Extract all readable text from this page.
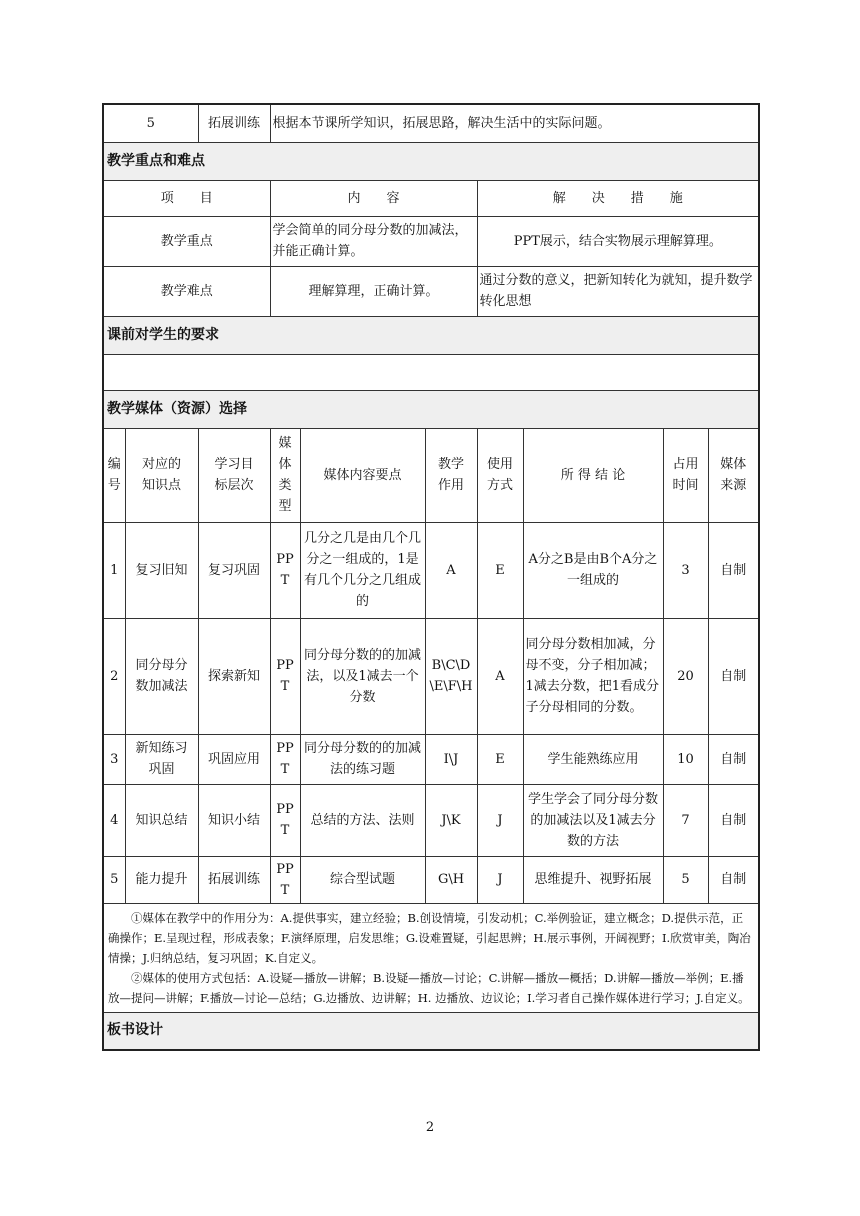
5		拓展训练	根据本节课所学知识，拓展思路，解决生活中的实际问题。						
教学重点和难点									
项　　目			内　　容			解　　决　　措　　施			
教学重点			学会简单的同分母分数的加减法，并能正确计算。			PPT展示，结合实物展示理解算理。			
教学难点			理解算理，正确计算。			通过分数的意义，把新知转化为就知，提升数学转化思想			
课前对学生的要求									

教学媒体（资源）选择									
编号	对应的知识点	学习目标层次	媒体类型	媒体内容要点	教学作用	使用方式	所 得 结 论	占用时间	媒体来源
1	复习旧知	复习巩固	PPT	几分之几是由几个几分之一组成的，1是有几个几分之几组成的	A	E	A分之B是由B个A分之一组成的	3	自制
2	同分母分数加减法	探索新知	PPT	同分母分数的的加减法，以及1减去一个分数	B\C\D\E\F\H	A	同分母分数相加减，分母不变，分子相加减；1减去分数，把1看成分子分母相同的分数。	20	自制
3	新知练习巩固	巩固应用	PPT	同分母分数的的加减法的练习题	I\J	E	学生能熟练应用	10	自制
4	知识总结	知识小结	PPT	总结的方法、法则	J\K	J	学生学会了同分母分数的加减法以及1减去分数的方法	7	自制
5	能力提升	拓展训练	PPT	综合型试题	G\H	J	思维提升、视野拓展	5	自制

①媒体在教学中的作用分为：A.提供事实，建立经验；B.创设情境，引发动机；C.举例验证，建立概念；D.提供示范，正确操作；E.呈现过程，形成表象；F.演绎原理，启发思维；G.设难置疑，引起思辨；H.展示事例，开阔视野；I.欣赏审美，陶冶情操；J.归纳总结，复习巩固；K.自定义。

②媒体的使用方式包括：A.设疑—播放—讲解；B.设疑—播放—讨论；C.讲解—播放—概括；D.讲解—播放—举例；E.播放—提问—讲解；F.播放—讨论—总结；G.边播放、边讲解；H. 边播放、边议论；I.学习者自己操作媒体进行学习；J.自定义。									

板书设计									
2
